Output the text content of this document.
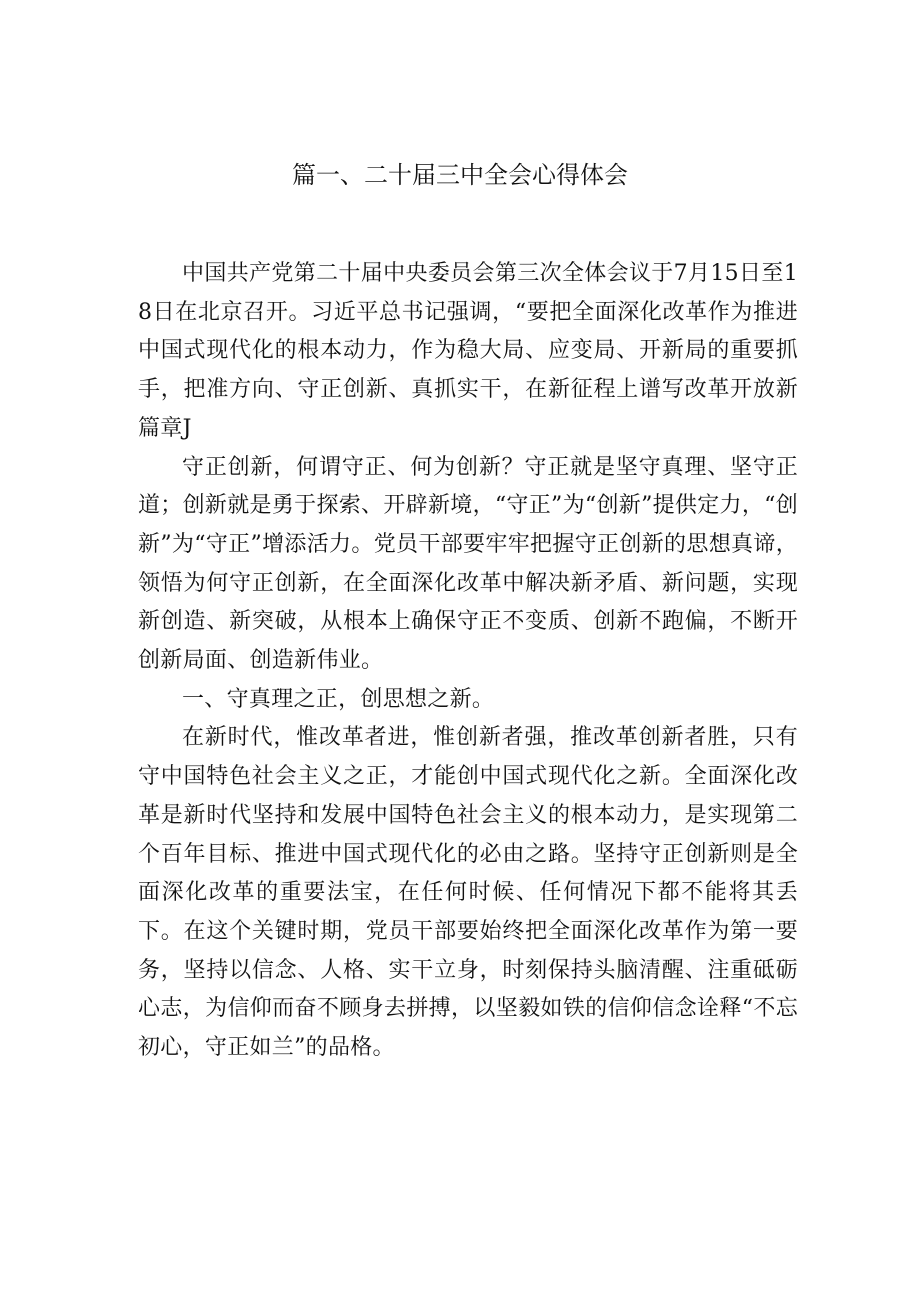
篇一、二十届三中全会心得体会

中国共产党第二十届中央委员会第三次全体会议于7月15日至18日在北京召开。习近平总书记强调，“要把全面深化改革作为推进中国式现代化的根本动力，作为稳大局、应变局、开新局的重要抓手，把准方向、守正创新、真抓实干，在新征程上谱写改革开放新篇章J

守正创新，何谓守正、何为创新？守正就是坚守真理、坚守正道；创新就是勇于探索、开辟新境，“守正”为“创新”提供定力，“创新”为“守正”增添活力。党员干部要牢牢把握守正创新的思想真谛，领悟为何守正创新，在全面深化改革中解决新矛盾、新问题，实现新创造、新突破，从根本上确保守正不变质、创新不跑偏，不断开创新局面、创造新伟业。

一、守真理之正，创思想之新。

在新时代，惟改革者进，惟创新者强，推改革创新者胜，只有守中国特色社会主义之正，才能创中国式现代化之新。全面深化改革是新时代坚持和发展中国特色社会主义的根本动力，是实现第二个百年目标、推进中国式现代化的必由之路。坚持守正创新则是全面深化改革的重要法宝，在任何时候、任何情况下都不能将其丢下。在这个关键时期，党员干部要始终把全面深化改革作为第一要务，坚持以信念、人格、实干立身，时刻保持头脑清醒、注重砥砺心志，为信仰而奋不顾身去拼搏，以坚毅如铁的信仰信念诠释“不忘初心，守正如兰”的品格。
